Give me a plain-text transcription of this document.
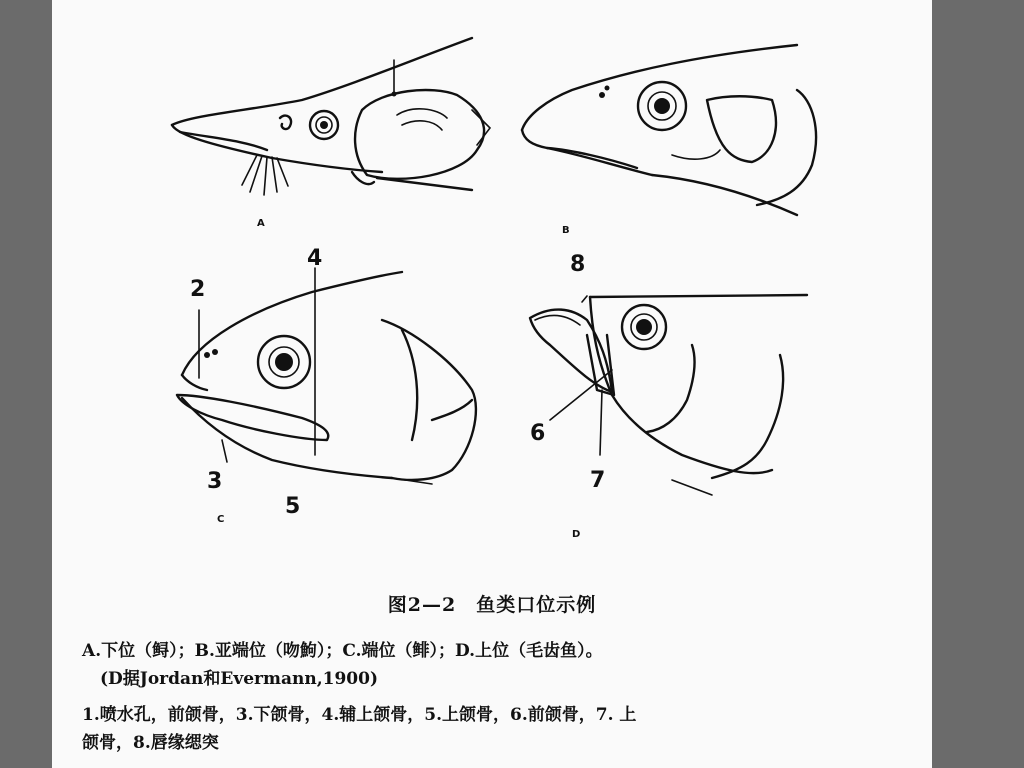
A
B
C
D
2
3
4
5
6
7
8
图2—2　鱼类口位示例
A.下位（鲟）；B.亚端位（吻鮈）；C.端位（鲱）；D.上位（毛齿鱼）。
(D据Jordan和Evermann,1900)
1.喷水孔，前颌骨，3.下颌骨，4.辅上颌骨，5.上颌骨，6.前颌骨，7. 上
颌骨，8.唇缘缌突
